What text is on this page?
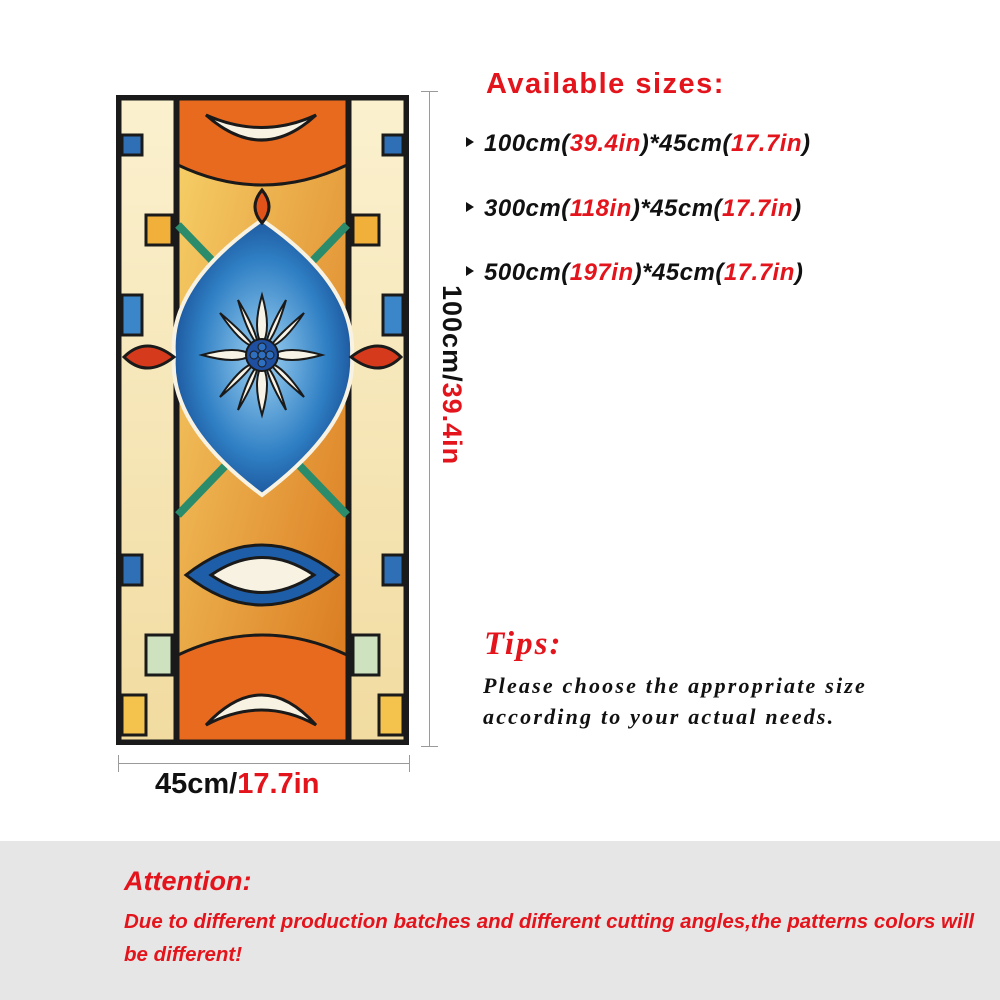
100cm/39.4in
45cm/17.7in
Available sizes:
100cm(39.4in)*45cm(17.7in)
300cm(118in)*45cm(17.7in)
500cm(197in)*45cm(17.7in)
Tips:
Please choose the appropriate size according to your actual needs.
Attention:
Due to different production batches and different cutting angles,the patterns colors will be different!
